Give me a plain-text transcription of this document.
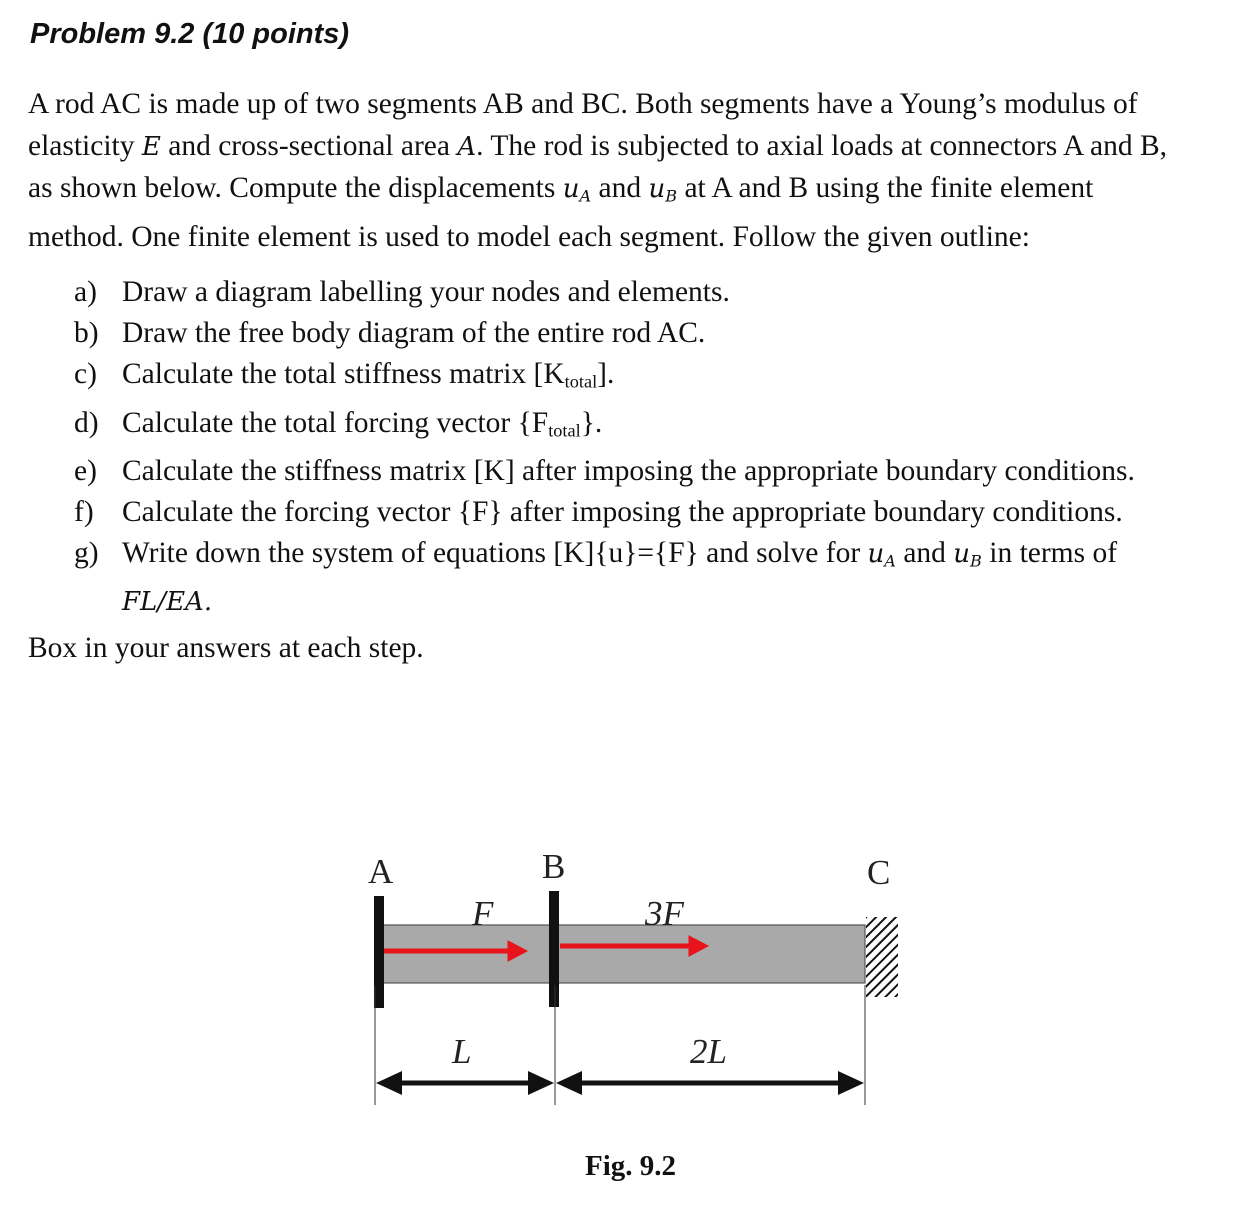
Problem 9.2 (10 points)
A rod AC is made up of two segments AB and BC. Both segments have a Young’s modulus of
elasticity E and cross-sectional area A. The rod is subjected to axial loads at connectors A and B,
as shown below. Compute the displacements $u_A$ and $u_B$ at A and B using the finite element
method. One finite element is used to model each segment. Follow the given outline:
a) Draw a diagram labelling your nodes and elements.
b) Draw the free body diagram of the entire rod AC.
c) Calculate the total stiffness matrix [Ktotal].
d) Calculate the total forcing vector {Ftotal}.
e) Calculate the stiffness matrix [K] after imposing the appropriate boundary conditions.
f) Calculate the forcing vector {F} after imposing the appropriate boundary conditions.
g) Write down the system of equations [K]{u}={F} and solve for $u_A$ and $u_B$ in terms of
FL/EA.

Box in your answers at each step.

A	B	C
F	3F
L	2L
Fig. 9.2
